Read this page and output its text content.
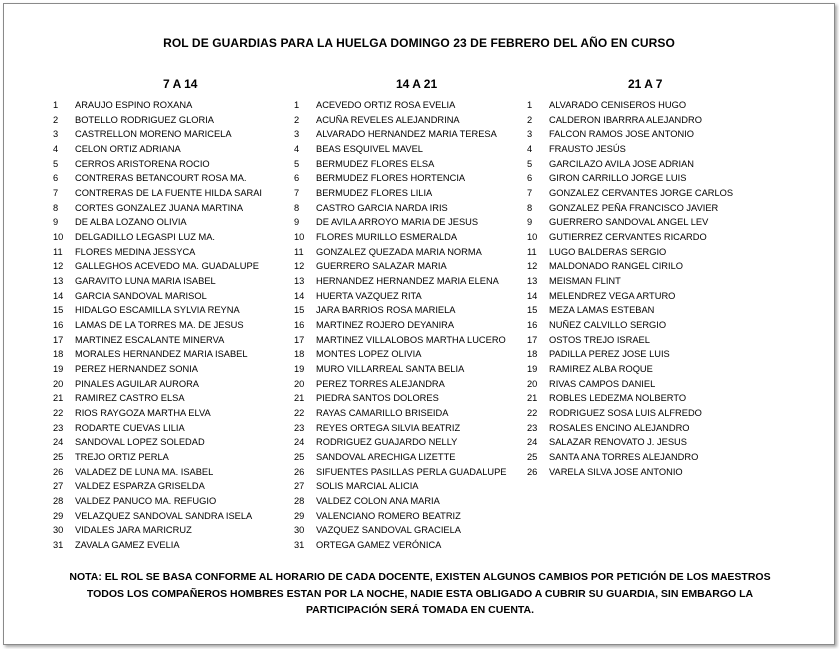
ROL DE GUARDIAS PARA LA HUELGA DOMINGO 23 DE FEBRERO DEL AÑO EN CURSO
7 A 14
1 ARAUJO ESPINO ROXANA
2 BOTELLO RODRIGUEZ GLORIA
3 CASTRELLON MORENO MARICELA
4 CELON ORTIZ ADRIANA
5 CERROS ARISTORENA ROCIO
6 CONTRERAS BETANCOURT ROSA MA.
7 CONTRERAS DE LA FUENTE HILDA SARAI
8 CORTES GONZALEZ JUANA MARTINA
9 DE ALBA LOZANO OLIVIA
10 DELGADILLO LEGASPI LUZ MA.
11 FLORES MEDINA JESSYCA
12 GALLEGHOS ACEVEDO MA. GUADALUPE
13 GARAVITO LUNA MARIA ISABEL
14 GARCIA SANDOVAL MARISOL
15 HIDALGO ESCAMILLA SYLVIA REYNA
16 LAMAS DE LA TORRES MA. DE JESUS
17 MARTINEZ ESCALANTE MINERVA
18 MORALES HERNANDEZ MARIA ISABEL
19 PEREZ HERNANDEZ SONIA
20 PINALES AGUILAR AURORA
21 RAMIREZ CASTRO ELSA
22 RIOS RAYGOZA MARTHA ELVA
23 RODARTE CUEVAS LILIA
24 SANDOVAL LOPEZ SOLEDAD
25 TREJO ORTIZ PERLA
26 VALADEZ DE LUNA MA. ISABEL
27 VALDEZ ESPARZA GRISELDA
28 VALDEZ PANUCO MA. REFUGIO
29 VELAZQUEZ SANDOVAL SANDRA ISELA
30 VIDALES JARA MARICRUZ
31 ZAVALA GAMEZ EVELIA
14 A 21
1 ACEVEDO ORTIZ ROSA EVELIA
2 ACUÑA REVELES ALEJANDRINA
3 ALVARADO HERNANDEZ MARIA TERESA
4 BEAS ESQUIVEL MAVEL
5 BERMUDEZ FLORES ELSA
6 BERMUDEZ FLORES HORTENCIA
7 BERMUDEZ FLORES LILIA
8 CASTRO GARCIA NARDA IRIS
9 DE AVILA ARROYO MARIA DE JESUS
10 FLORES MURILLO ESMERALDA
11 GONZALEZ QUEZADA MARIA NORMA
12 GUERRERO SALAZAR MARIA
13 HERNANDEZ HERNANDEZ MARIA ELENA
14 HUERTA VAZQUEZ RITA
15 JARA BARRIOS ROSA MARIELA
16 MARTINEZ ROJERO DEYANIRA
17 MARTINEZ VILLALOBOS MARTHA LUCERO
18 MONTES LOPEZ OLIVIA
19 MURO VILLARREAL SANTA BELIA
20 PEREZ TORRES ALEJANDRA
21 PIEDRA SANTOS DOLORES
22 RAYAS CAMARILLO BRISEIDA
23 REYES ORTEGA SILVIA BEATRIZ
24 RODRIGUEZ GUAJARDO NELLY
25 SANDOVAL ARECHIGA LIZETTE
26 SIFUENTES PASILLAS PERLA GUADALUPE
27 SOLIS MARCIAL ALICIA
28 VALDEZ COLON ANA MARIA
29 VALENCIANO ROMERO BEATRIZ
30 VAZQUEZ SANDOVAL GRACIELA
31 ORTEGA GAMEZ VERÓNICA
21 A 7
1 ALVARADO CENISEROS HUGO
2 CALDERON IBARRRA ALEJANDRO
3 FALCON RAMOS JOSE ANTONIO
4 FRAUSTO JESÚS
5 GARCILAZO AVILA JOSE ADRIAN
6 GIRON CARRILLO JORGE LUIS
7 GONZALEZ CERVANTES JORGE CARLOS
8 GONZALEZ PEÑA FRANCISCO JAVIER
9 GUERRERO SANDOVAL ANGEL LEV
10 GUTIERREZ CERVANTES RICARDO
11 LUGO BALDERAS SERGIO
12 MALDONADO RANGEL CIRILO
13 MEISMAN FLINT
14 MELENDREZ VEGA ARTURO
15 MEZA LAMAS ESTEBAN
16 NUÑEZ CALVILLO SERGIO
17 OSTOS TREJO ISRAEL
18 PADILLA PEREZ JOSE LUIS
19 RAMIREZ ALBA ROQUE
20 RIVAS CAMPOS DANIEL
21 ROBLES LEDEZMA NOLBERTO
22 RODRIGUEZ SOSA LUIS ALFREDO
23 ROSALES ENCINO ALEJANDRO
24 SALAZAR RENOVATO J. JESUS
25 SANTA ANA TORRES ALEJANDRO
26 VARELA SILVA JOSE ANTONIO
NOTA: EL ROL SE BASA CONFORME AL HORARIO DE CADA DOCENTE, EXISTEN ALGUNOS CAMBIOS POR PETICIÓN DE LOS MAESTROS
TODOS LOS COMPAÑEROS HOMBRES ESTAN POR LA NOCHE, NADIE ESTA OBLIGADO A CUBRIR SU GUARDIA, SIN EMBARGO LA
PARTICIPACIÓN SERÁ TOMADA EN CUENTA.
